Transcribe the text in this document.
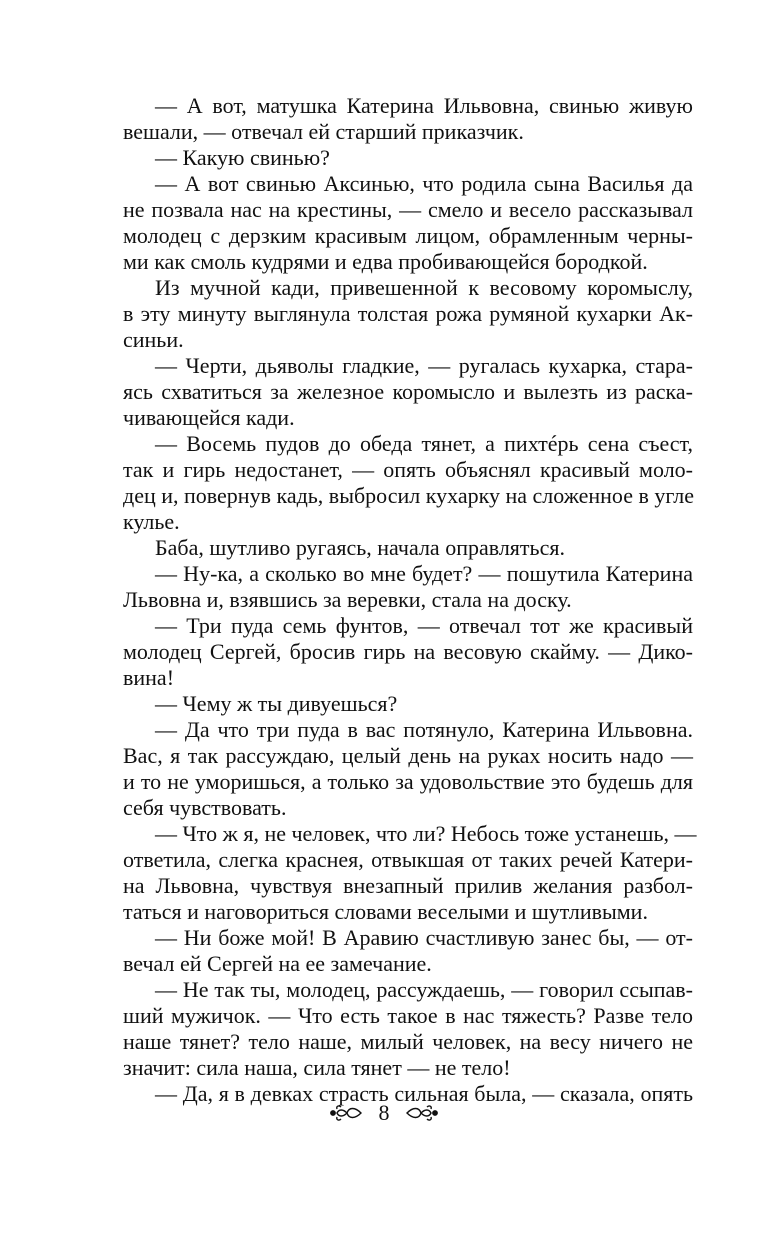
— А вот, матушка Катерина Ильвовна, свинью живую
вешали, — отвечал ей старший приказчик.
— Какую свинью?
— А вот свинью Аксинью, что родила сына Василья да
не позвала нас на крестины, — смело и весело рассказывал
молодец с дерзким красивым лицом, обрамленным черны-
ми как смоль кудрями и едва пробивающейся бородкой.
Из мучной кади, привешенной к весовому коромыслу,
в эту минуту выглянула толстая рожа румяной кухарки Ак-
синьи.
— Черти, дьяволы гладкие, — ругалась кухарка, стара-
ясь схватиться за железное коромысло и вылезть из раска-
чивающейся кади.
— Восемь пудов до обеда тянет, а пихтéрь сена съест,
так и гирь недостанет, — опять объяснял красивый моло-
дец и, повернув кадь, выбросил кухарку на сложенное в угле
кулье.
Баба, шутливо ругаясь, начала оправляться.
— Ну-ка, а сколько во мне будет? — пошутила Катерина
Львовна и, взявшись за веревки, стала на доску.
— Три пуда семь фунтов, — отвечал тот же красивый
молодец Сергей, бросив гирь на весовую скайму. — Дико-
вина!
— Чему ж ты дивуешься?
— Да что три пуда в вас потянуло, Катерина Ильвовна.
Вас, я так рассуждаю, целый день на руках носить надо —
и то не уморишься, а только за удовольствие это будешь для
себя чувствовать.
— Что ж я, не человек, что ли? Небось тоже устанешь, —
ответила, слегка краснея, отвыкшая от таких речей Катери-
на Львовна, чувствуя внезапный прилив желания разбол-
таться и наговориться словами веселыми и шутливыми.
— Ни боже мой! В Аравию счастливую занес бы, — от-
вечал ей Сергей на ее замечание.
— Не так ты, молодец, рассуждаешь, — говорил ссыпав-
ший мужичок. — Что есть такое в нас тяжесть? Разве тело
наше тянет? тело наше, милый человек, на весу ничего не
значит: сила наша, сила тянет — не тело!
— Да, я в девках страсть сильная была, — сказала, опять
8
